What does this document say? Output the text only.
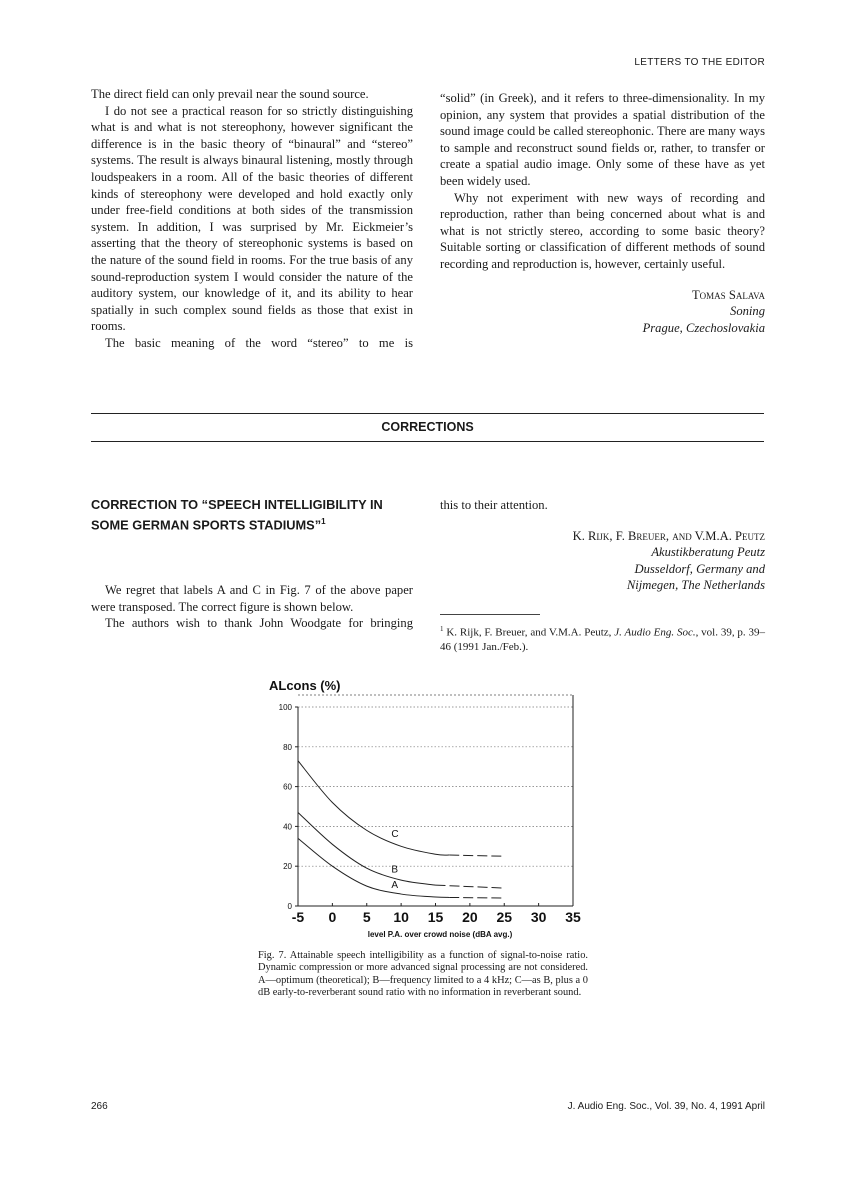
LETTERS TO THE EDITOR

The direct field can only prevail near the sound source.

I do not see a practical reason for so strictly distinguishing what is and what is not stereophony, however significant the difference is in the basic theory of “binaural” and “stereo” systems. The result is always binaural listening, mostly through loudspeakers in a room. All of the basic theories of different kinds of stereophony were developed and hold exactly only under free-field conditions at both sides of the transmission system. In addition, I was surprised by Mr. Eickmeier’s asserting that the theory of stereophonic systems is based on the nature of the sound field in rooms. For the true basis of any sound-reproduction system I would consider the nature of the auditory system, our knowledge of it, and its ability to hear spatially in such complex sound fields as those that exist in rooms.

The basic meaning of the word “stereo” to me is

“solid” (in Greek), and it refers to three-dimensionality. In my opinion, any system that provides a spatial distribution of the sound image could be called stereophonic. There are many ways to sample and reconstruct sound fields or, rather, to transfer or create a spatial audio image. Only some of these have as yet been widely used.

Why not experiment with new ways of recording and reproduction, rather than being concerned about what is and what is not strictly stereo, according to some basic theory? Suitable sorting or classification of different methods of sound recording and reproduction is, however, certainly useful.

Tomas Salava
Soning
Prague, Czechoslovakia
CORRECTIONS
CORRECTION TO “SPEECH INTELLIGIBILITY IN SOME GERMAN SPORTS STADIUMS”$^1$

We regret that labels A and C in Fig. 7 of the above paper were transposed. The correct figure is shown below.

The authors wish to thank John Woodgate for bringing

this to their attention.

K. Rijk, F. Breuer, and V.M.A. Peutz
Akustikberatung Peutz
Dusseldorf, Germany and
Nijmegen, The Netherlands
$^1$ K. Rijk, F. Breuer, and V.M.A. Peutz, J. Audio Eng. Soc., vol. 39, p. 39–46 (1991 Jan./Feb.).
A
B
C
0
20
40
60
80
100
-5 0 5 10 15 20 25 30 35
ALcons (%)
level P.A. over crowd noise (dBA avg.)
Fig. 7. Attainable speech intelligibility as a function of signal-to-noise ratio. Dynamic compression or more advanced signal processing are not considered. A—optimum (theoretical); B—frequency limited to a 4 kHz; C—as B, plus a 0 dB early-to-reverberant sound ratio with no information in reverberant sound.
266	J. Audio Eng. Soc., Vol. 39, No. 4, 1991 April
